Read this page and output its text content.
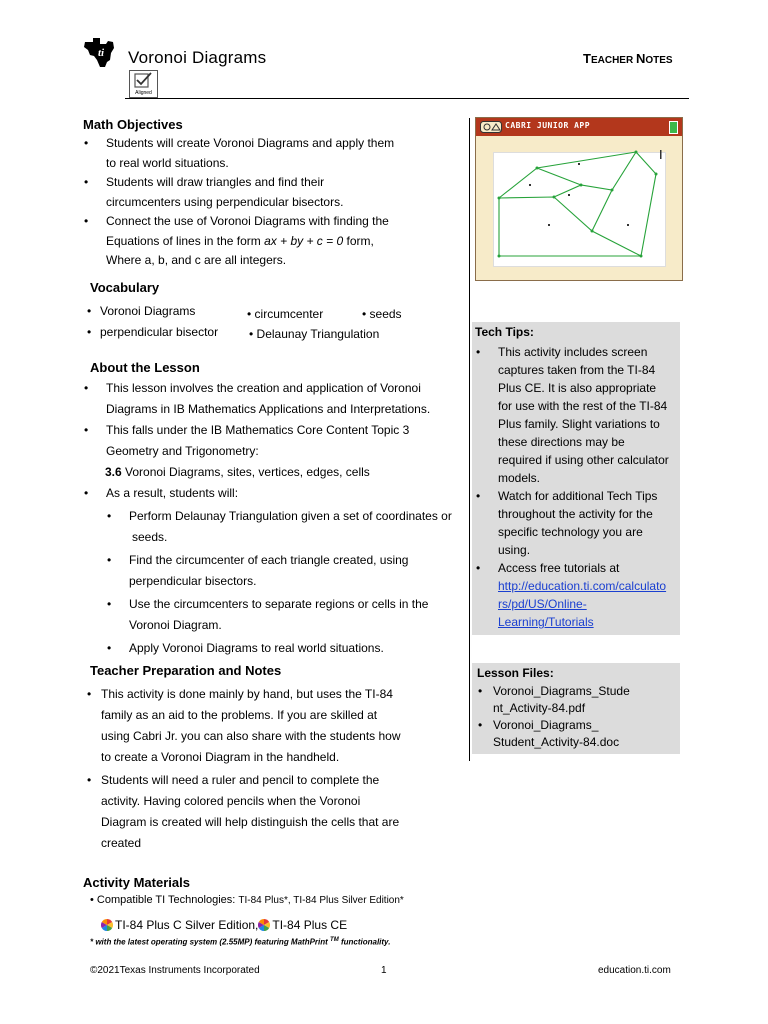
ti Voronoi Diagrams	TEACHER NOTES
Aligned
Math Objectives
• Students will create Voronoi Diagrams and apply them
to real world situations.
• Students will draw triangles and find their
circumcenters using perpendicular bisectors.
• Connect the use of Voronoi Diagrams with finding the
Equations of lines in the form ax + by + c = 0 form,
Where a, b, and c are all integers.
Vocabulary
• Voronoi Diagrams
• perpendicular bisector
• circumcenter
• Delaunay Triangulation
• seeds
About the Lesson
• This lesson involves the creation and application of Voronoi
Diagrams in IB Mathematics Applications and Interpretations.
• This falls under the IB Mathematics Core Content Topic 3
Geometry and Trigonometry:
3.6 Voronoi Diagrams, sites, vertices, edges, cells
• As a result, students will:
• Perform Delaunay Triangulation given a set of coordinates or
seeds.
• Find the circumcenter of each triangle created, using
perpendicular bisectors.
• Use the circumcenters to separate regions or cells in the
Voronoi Diagram.
• Apply Voronoi Diagrams to real world situations.
Teacher Preparation and Notes
• This activity is done mainly by hand, but uses the TI-84
family as an aid to the problems. If you are skilled at
using Cabri Jr. you can also share with the students how
to create a Voronoi Diagram in the handheld.
• Students will need a ruler and pencil to complete the
activity. Having colored pencils when the Voronoi
Diagram is created will help distinguish the cells that are
created
Activity Materials
• Compatible TI Technologies: TI-84 Plus*, TI-84 Plus Silver Edition*
TI-84 Plus C Silver Edition, TI-84 Plus CE
* with the latest operating system (2.55MP) featuring MathPrint ™ functionality.
CABRI JUNIOR APP
Tech Tips:
• This activity includes screen
captures taken from the TI-84
Plus CE. It is also appropriate
for use with the rest of the TI-84
Plus family. Slight variations to
these directions may be
required if using other calculator
models.
• Watch for additional Tech Tips
throughout the activity for the
specific technology you are
using.
• Access free tutorials at
http://education.ti.com/calculato
rs/pd/US/Online-
Learning/Tutorials
Lesson Files:
• Voronoi_Diagrams_Stude
nt_Activity-84.pdf
• Voronoi_Diagrams_
Student_Activity-84.doc
©2021Texas Instruments Incorporated	1	education.ti.com
